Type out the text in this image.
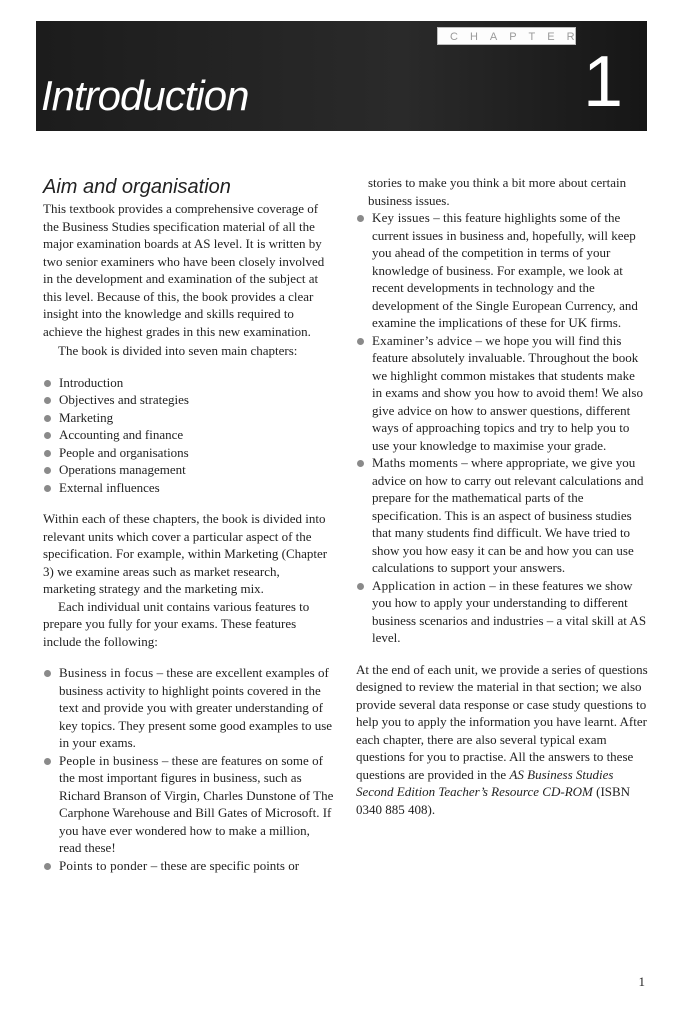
CHAPTER
1
Introduction
Aim and organisation

This textbook provides a comprehensive coverage of the Business Studies specification material of all the major examination boards at AS level. It is written by two senior examiners who have been closely involved in the development and examination of the subject at this level. Because of this, the book provides a clear insight into the knowledge and skills required to achieve the highest grades in this new examination.

The book is divided into seven main chapters:

Introduction
Objectives and strategies
Marketing
Accounting and finance
People and organisations
Operations management
External influences

Within each of these chapters, the book is divided into relevant units which cover a particular aspect of the specification. For example, within Marketing (Chapter 3) we examine areas such as market research, marketing strategy and the marketing mix.

Each individual unit contains various features to prepare you fully for your exams. These features include the following:

Business in focus – these are excellent examples of business activity to highlight points covered in the text and provide you with greater understanding of key topics. They present some good examples to use in your exams.
People in business – these are features on some of the most important figures in business, such as Richard Branson of Virgin, Charles Dunstone of The Carphone Warehouse and Bill Gates of Microsoft. If you have ever wondered how to make a million, read these!
Points to ponder – these are specific points or

stories to make you think a bit more about certain business issues.

Key issues – this feature highlights some of the current issues in business and, hopefully, will keep you ahead of the competition in terms of your knowledge of business. For example, we look at recent developments in technology and the development of the Single European Currency, and examine the implications of these for UK firms.
Examiner’s advice – we hope you will find this feature absolutely invaluable. Throughout the book we highlight common mistakes that students make in exams and show you how to avoid them! We also give advice on how to answer questions, different ways of approaching topics and try to help you to use your knowledge to maximise your grade.
Maths moments – where appropriate, we give you advice on how to carry out relevant calculations and prepare for the mathematical parts of the specification. This is an aspect of business studies that many students find difficult. We have tried to show you how easy it can be and how you can use calculations to support your answers.
Application in action – in these features we show you how to apply your understanding to different business scenarios and industries – a vital skill at AS level.

At the end of each unit, we provide a series of questions designed to review the material in that section; we also provide several data response or case study questions to help you to apply the information you have learnt. After each chapter, there are also several typical exam questions for you to practise. All the answers to these questions are provided in the AS Business Studies Second Edition Teacher’s Resource CD-ROM (ISBN 0340 885 408).

1
